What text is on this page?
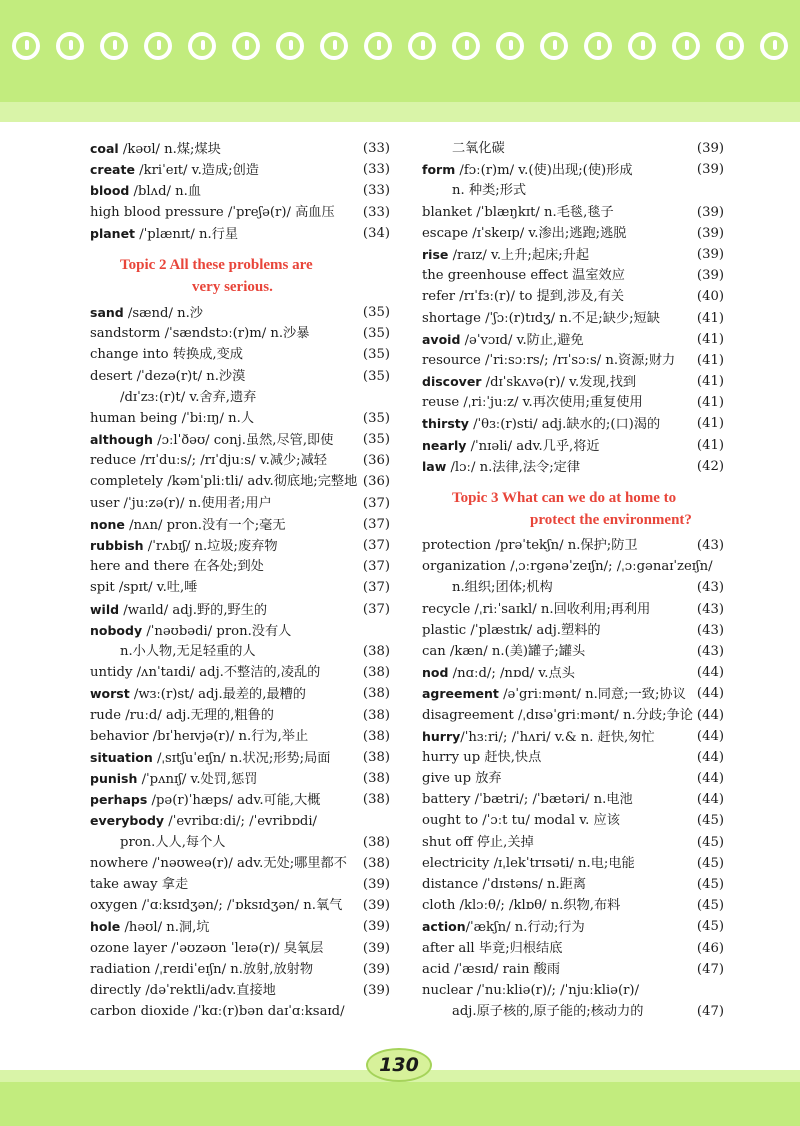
coal /kəʊl/ n.煤;煤块	(33)
create /kriˈeɪt/ v.造成;创造	(33)
blood /blʌd/ n.血	(33)
high blood pressure /ˈpreʃə(r)/ 高血压 (33)
planet /ˈplænɪt/ n.行星	(34)
Topic 2 All these problems are
very serious.
sand /sænd/ n.沙	(35)
sandstorm /ˈsændstɔː(r)m/ n.沙暴	(35)
change into 转换成,变成	(35)
desert /ˈdezə(r)t/ n.沙漠	(35)
/dɪˈzɜː(r)t/ v.舍弃,遗弃
human being /ˈbiːɪŋ/ n.人	(35)
although /ɔːlˈðəʊ/ conj.虽然,尽管,即使 (35)
reduce /rɪˈduːs/; /rɪˈdjuːs/ v.减少;减轻	(36)
completely /kəmˈpliːtli/ adv.彻底地;完整地 (36)
user /ˈjuːzə(r)/ n.使用者;用户	(37)
none /nʌn/ pron.没有一个;毫无	(37)
rubbish /ˈrʌbɪʃ/ n.垃圾;废弃物	(37)
here and there 在各处;到处	(37)
spit /spɪt/ v.吐,唾	(37)
wild /waɪld/ adj.野的,野生的	(37)
nobody /ˈnəʊbədi/ pron.没有人
n.小人物,无足轻重的人	(38)
untidy /ʌnˈtaɪdi/ adj.不整洁的,凌乱的	(38)
worst /wɜː(r)st/ adj.最差的,最糟的	(38)
rude /ruːd/ adj.无理的,粗鲁的	(38)
behavior /bɪˈheɪvjə(r)/ n.行为,举止	(38)
situation /ˌsɪtʃuˈeɪʃn/ n.状况;形势;局面 (38)
punish /ˈpʌnɪʃ/ v.处罚,惩罚	(38)
perhaps /pə(r)ˈhæps/ adv.可能,大概	(38)
everybody /ˈevribɑːdi/; /ˈevribɒdi/
pron.人人,每个人	(38)
nowhere /ˈnəʊweə(r)/ adv.无处;哪里都不 (38)
take away 拿走	(39)
oxygen /ˈɑːksɪdʒən/; /ˈɒksɪdʒən/ n.氧气 (39)
hole /həʊl/ n.洞,坑	(39)
ozone layer /ˈəʊzəʊn ˈleɪə(r)/ 臭氧层	(39)
radiation /ˌreɪdiˈeɪʃn/ n.放射,放射物	(39)
directly /dəˈrektli/adv.直接地	(39)
carbon dioxide /ˈkɑː(r)bən daɪˈɑːksaɪd/
二氧化碳	(39)
form /fɔː(r)m/ v.(使)出现;(使)形成	(39)
n. 种类;形式
blanket /ˈblæŋkɪt/ n.毛毯,毯子	(39)
escape /ɪˈskeɪp/ v.渗出;逃跑;逃脱	(39)
rise /raɪz/ v.上升;起床;升起	(39)
the greenhouse effect 温室效应	(39)
refer /rɪˈfɜː(r)/ to 提到,涉及,有关	(40)
shortage /ˈʃɔː(r)tɪdʒ/ n.不足;缺少;短缺	(41)
avoid /əˈvɔɪd/ v.防止,避免	(41)
resource /ˈriːsɔːrs/; /rɪˈsɔːs/ n.资源;财力 (41)
discover /dɪˈskʌvə(r)/ v.发现,找到	(41)
reuse /ˌriːˈjuːz/ v.再次使用;重复使用	(41)
thirsty /ˈθɜː(r)sti/ adj.缺水的;(口)渴的	(41)
nearly /ˈnɪəli/ adv.几乎,将近	(41)
law /lɔː/ n.法律,法令;定律	(42)
Topic 3 What can we do at home to
protect the environment?
protection /prəˈtekʃn/ n.保护;防卫	(43)
organization /ˌɔːrgənəˈzeɪʃn/; /ˌɔːgənaɪˈzeɪʃn/
n.组织;团体;机构	(43)
recycle /ˌriːˈsaɪkl/ n.回收利用;再利用	(43)
plastic /ˈplæstɪk/ adj.塑料的	(43)
can /kæn/ n.(美)罐子;罐头	(43)
nod /nɑːd/; /nɒd/ v.点头	(44)
agreement /əˈgriːmənt/ n.同意;一致;协议 (44)
disagreement /ˌdɪsəˈgriːmənt/ n.分歧;争论 (44)
hurry/ˈhɜːri/; /ˈhʌri/ v.& n. 赶快,匆忙	(44)
hurry up 赶快,快点	(44)
give up 放弃	(44)
battery /ˈbætri/; /ˈbætəri/ n.电池	(44)
ought to /ˈɔːt tu/ modal v. 应该	(45)
shut off 停止,关掉	(45)
electricity /ɪˌlekˈtrɪsəti/ n.电;电能	(45)
distance /ˈdɪstəns/ n.距离	(45)
cloth /klɔːθ/; /klɒθ/ n.织物,布料	(45)
action/ˈækʃn/ n.行动;行为	(45)
after all 毕竟;归根结底	(46)
acid /ˈæsɪd/ rain 酸雨	(47)
nuclear /ˈnuːkliə(r)/; /ˈnjuːkliə(r)/
adj.原子核的,原子能的;核动力的	(47)
130
